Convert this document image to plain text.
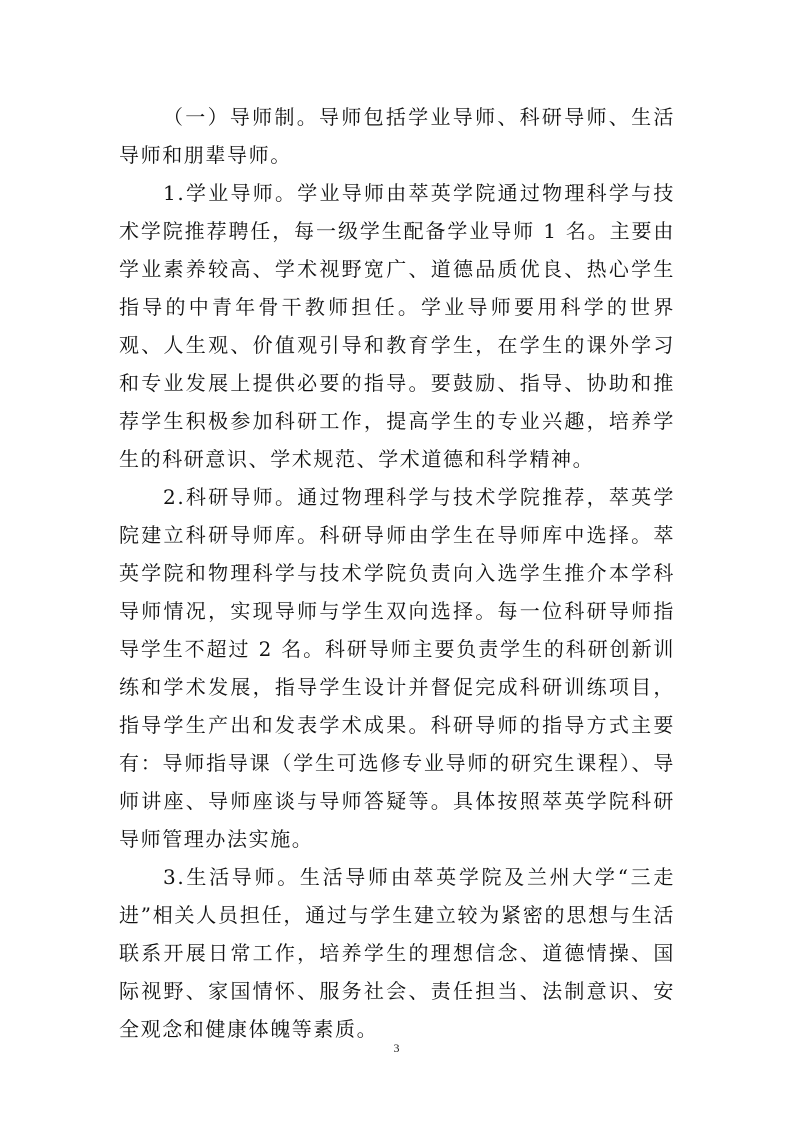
（一）导师制。导师包括学业导师、科研导师、生活导师和朋辈导师。

1.学业导师。学业导师由萃英学院通过物理科学与技术学院推荐聘任，每一级学生配备学业导师 1 名。主要由学业素养较高、学术视野宽广、道德品质优良、热心学生指导的中青年骨干教师担任。学业导师要用科学的世界观、人生观、价值观引导和教育学生，在学生的课外学习和专业发展上提供必要的指导。要鼓励、指导、协助和推荐学生积极参加科研工作，提高学生的专业兴趣，培养学生的科研意识、学术规范、学术道德和科学精神。

2.科研导师。通过物理科学与技术学院推荐，萃英学院建立科研导师库。科研导师由学生在导师库中选择。萃英学院和物理科学与技术学院负责向入选学生推介本学科导师情况，实现导师与学生双向选择。每一位科研导师指导学生不超过 2 名。科研导师主要负责学生的科研创新训练和学术发展，指导学生设计并督促完成科研训练项目，指导学生产出和发表学术成果。科研导师的指导方式主要有：导师指导课（学生可选修专业导师的研究生课程）、导师讲座、导师座谈与导师答疑等。具体按照萃英学院科研导师管理办法实施。

3.生活导师。生活导师由萃英学院及兰州大学“三走进”相关人员担任，通过与学生建立较为紧密的思想与生活联系开展日常工作，培养学生的理想信念、道德情操、国际视野、家国情怀、服务社会、责任担当、法制意识、安全观念和健康体魄等素质。

3
